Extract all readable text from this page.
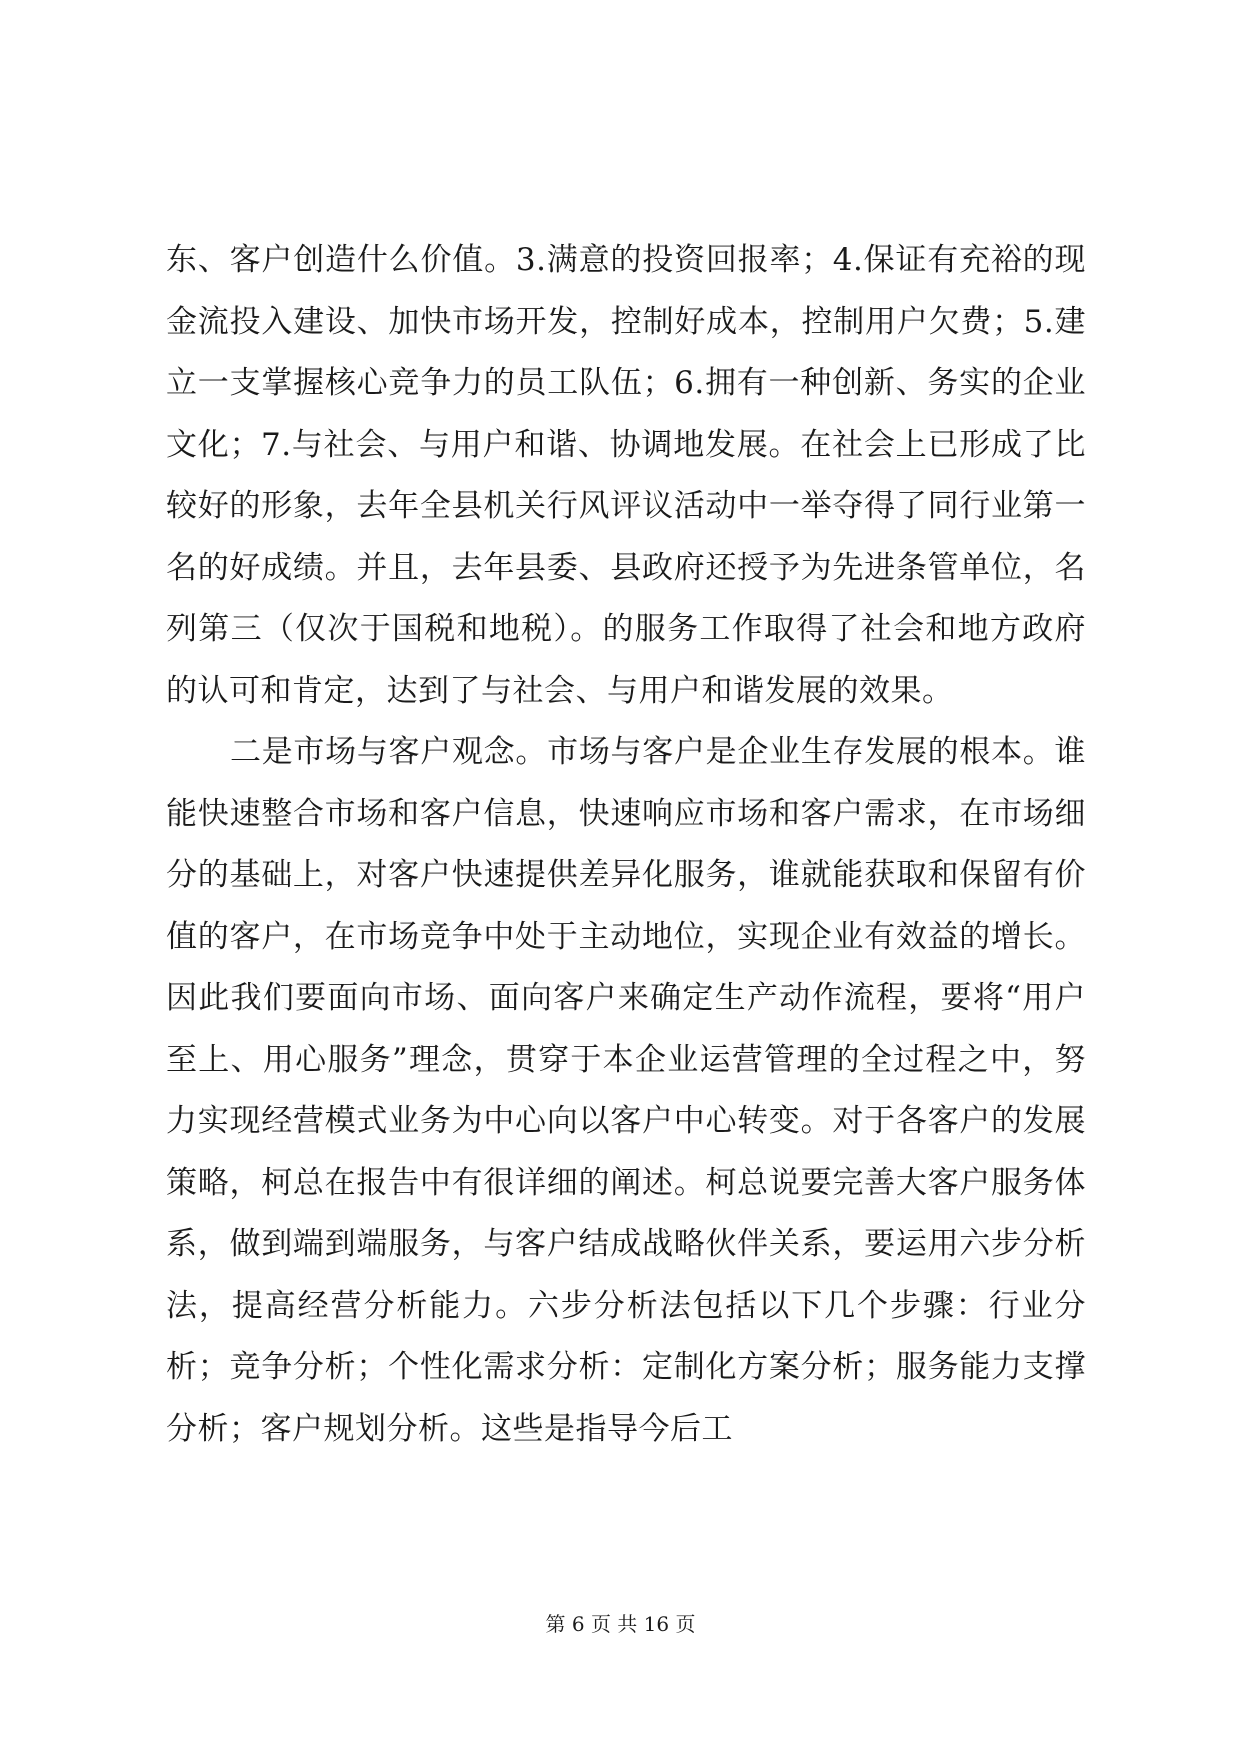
东、客户创造什么价值。3.满意的投资回报率；4.保证有充裕的现金流投入建设、加快市场开发，控制好成本，控制用户欠费；5.建立一支掌握核心竞争力的员工队伍；6.拥有一种创新、务实的企业文化；7.与社会、与用户和谐、协调地发展。在社会上已形成了比较好的形象，去年全县机关行风评议活动中一举夺得了同行业第一名的好成绩。并且，去年县委、县政府还授予为先进条管单位，名列第三（仅次于国税和地税）。的服务工作取得了社会和地方政府的认可和肯定，达到了与社会、与用户和谐发展的效果。

二是市场与客户观念。市场与客户是企业生存发展的根本。谁能快速整合市场和客户信息，快速响应市场和客户需求，在市场细分的基础上，对客户快速提供差异化服务，谁就能获取和保留有价值的客户，在市场竞争中处于主动地位，实现企业有效益的增长。因此我们要面向市场、面向客户来确定生产动作流程，要将“用户至上、用心服务”理念，贯穿于本企业运营管理的全过程之中，努力实现经营模式业务为中心向以客户中心转变。对于各客户的发展策略，柯总在报告中有很详细的阐述。柯总说要完善大客户服务体系，做到端到端服务，与客户结成战略伙伴关系，要运用六步分析法，提高经营分析能力。六步分析法包括以下几个步骤：行业分析；竞争分析；个性化需求分析：定制化方案分析；服务能力支撑分析；客户规划分析。这些是指导今后工

第 6 页 共 16 页
